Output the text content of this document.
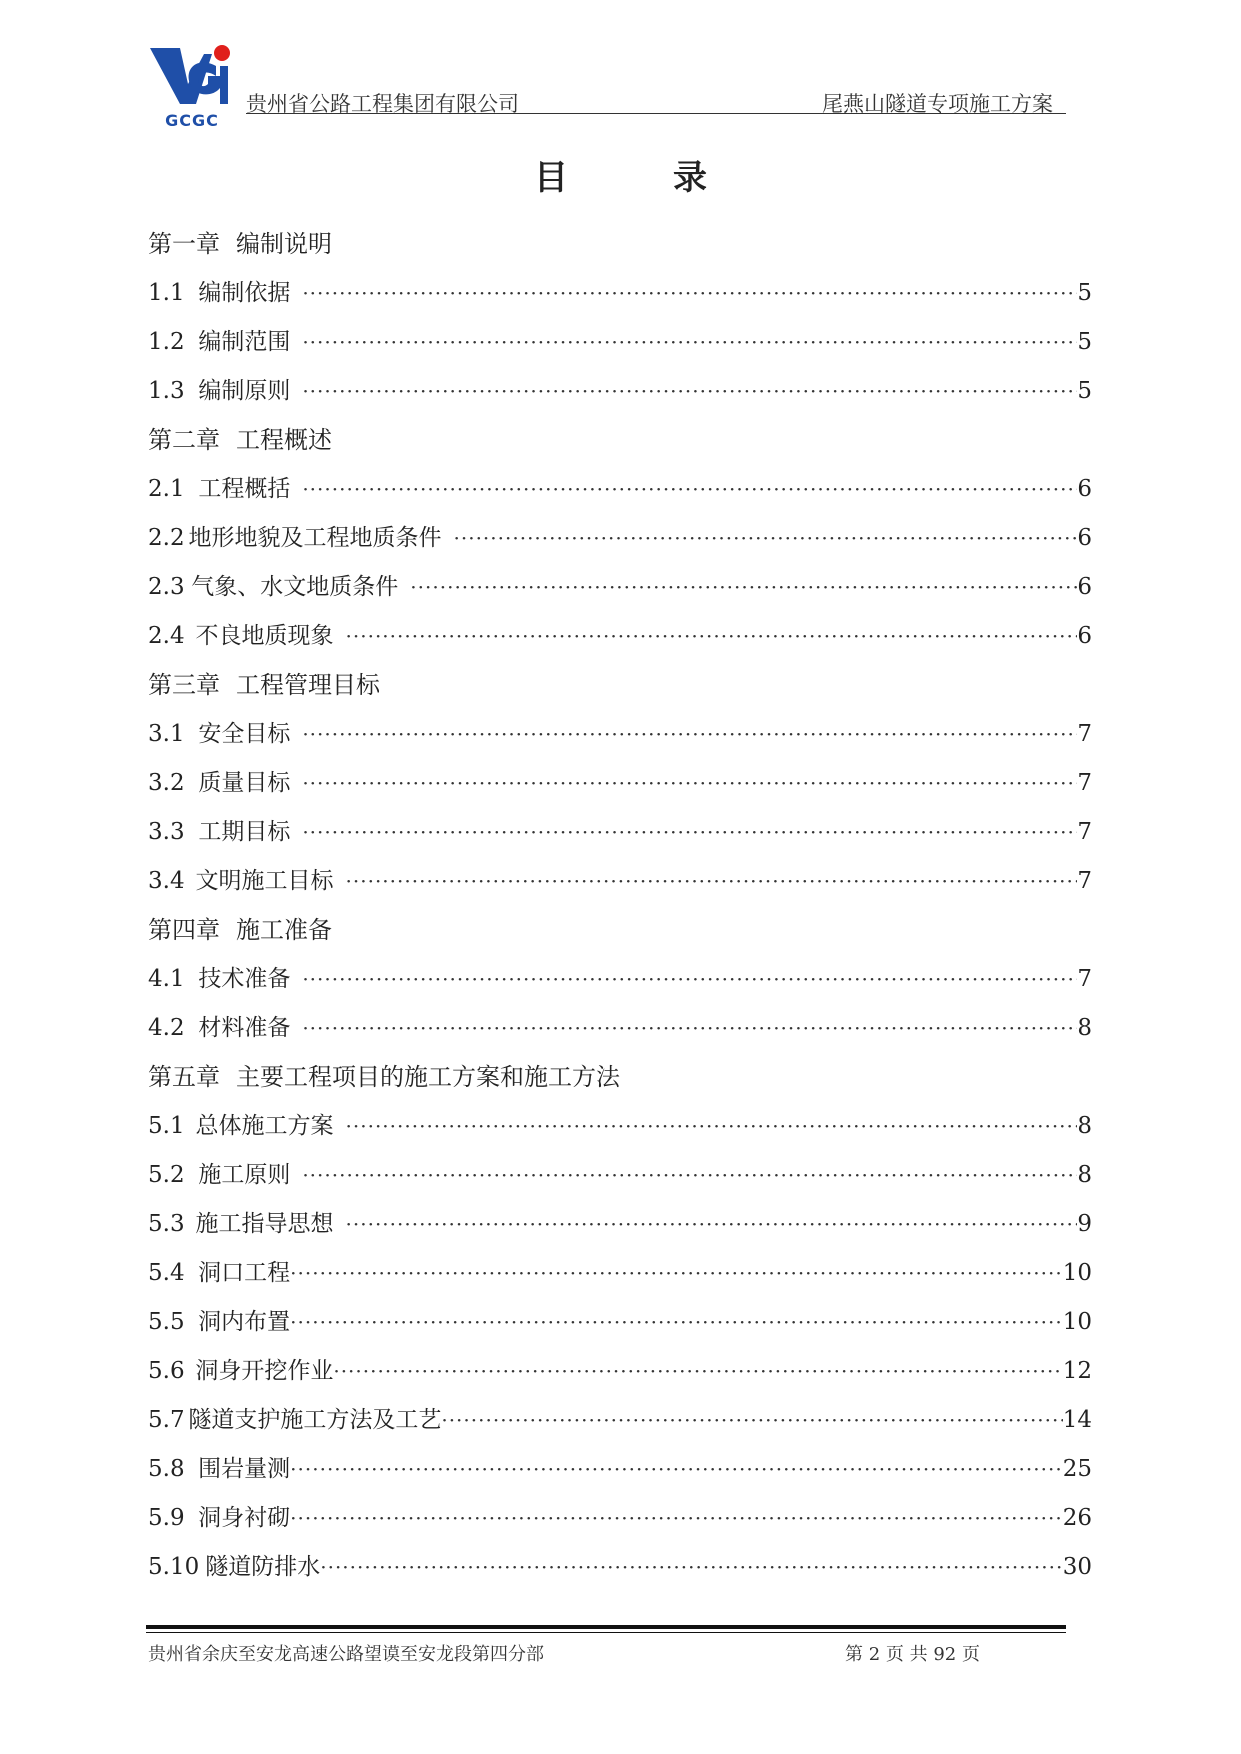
GCGC
贵州省公路工程集团有限公司	尾燕山隧道专项施工方案
目	录
第一章 编制说明
1.1 编制依据 ·····	5
1.2 编制范围 ·····	5
1.3 编制原则 ·····	5
第二章 工程概述
2.1 工程概括 ·····	6
2.2 地形地貌及工程地质条件 ·····	6
2.3 气象、水文地质条件 ·····	6
2.4 不良地质现象 ·····	6
第三章 工程管理目标
3.1 安全目标 ·····	7
3.2 质量目标 ·····	7
3.3 工期目标 ·····	7
3.4 文明施工目标 ·····	7
第四章 施工准备
4.1 技术准备 ·····	7
4.2 材料准备 ·····	8
第五章 主要工程项目的施工方案和施工方法
5.1 总体施工方案 ·····	8
5.2 施工原则 ·····	8
5.3 施工指导思想 ·····	9
5.4 洞口工程 ·····	10
5.5 洞内布置 ·····	10
5.6 洞身开挖作业 ·····	12
5.7 隧道支护施工方法及工艺 ·····	14
5.8 围岩量测 ·····	25
5.9 洞身衬砌 ·····	26
5.10 隧道防排水 ·····	30
贵州省余庆至安龙高速公路望谟至安龙段第四分部	第 2 页 共 92 页
